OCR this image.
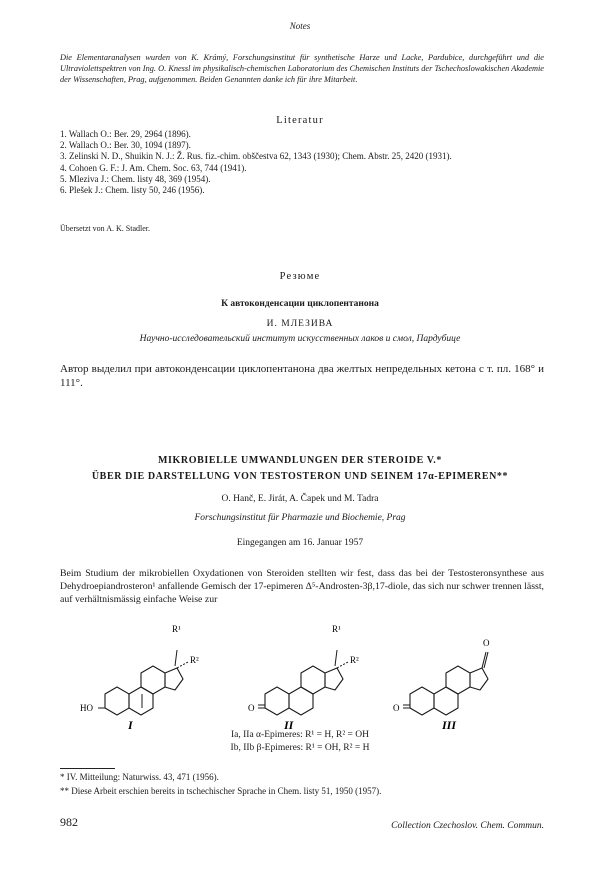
Notes
Die Elementaranalysen wurden von K. Krámý, Forschungsinstitut für synthetische Harze und Lacke, Pardubice, durchgeführt und die Ultraviolettspektren von Ing. O. Knessl im physikalisch-chemischen Laboratorium des Chemischen Instituts der Tschechoslowakischen Akademie der Wissenschaften, Prag, aufgenommen. Beiden Genannten danke ich für ihre Mitarbeit.
Literatur
1. Wallach O.: Ber. 29, 2964 (1896).
2. Wallach O.: Ber. 30, 1094 (1897).
3. Zelinski N. D., Shuikin N. J.: Ž. Rus. fiz.-chim. obščestva 62, 1343 (1930); Chem. Abstr. 25, 2420 (1931).
4. Cohoen G. F.: J. Am. Chem. Soc. 63, 744 (1941).
5. Mleziva J.: Chem. listy 48, 369 (1954).
6. Plešek J.: Chem. listy 50, 246 (1956).
Übersetzt von A. K. Stadler.
Резюме
К автоконденсации циклопентанона
И. МЛЕЗИВА
Научно-исследовательский институт искусственных лаков и смол, Пардубице
Автор выделил при автоконденсации циклопентанона два желтых непредельных кетона с т. пл. 168° и 111°.
MIKROBIELLE UMWANDLUNGEN DER STEROIDE V.*
ÜBER DIE DARSTELLUNG VON TESTOSTERON UND SEINEM 17α-EPIMEREN**
O. Hanč, E. Jirát, A. Čapek und M. Tadra
Forschungsinstitut für Pharmazie und Biochemie, Prag
Eingegangen am 16. Januar 1957
Beim Studium der mikrobiellen Oxydationen von Steroiden stellten wir fest, dass das bei der Testosteronsynthese aus Dehydroepiandrosteron¹ anfallende Gemisch der 17-epimeren Δ⁵-Androsten-3β,17-diole, das sich nur schwer trennen lässt, auf verhältnismässig einfache Weise zur
R¹
R²
HO
I
R¹
R²
O
II
O
O
III
Ia, IIa α-Epimeres: R¹ = H, R² = OH
Ib, IIb β-Epimeres: R¹ = OH, R² = H
* IV. Mitteilung: Naturwiss. 43, 471 (1956).
** Diese Arbeit erschien bereits in tschechischer Sprache in Chem. listy 51, 1950 (1957).
982	Collection Czechoslov. Chem. Commun.
